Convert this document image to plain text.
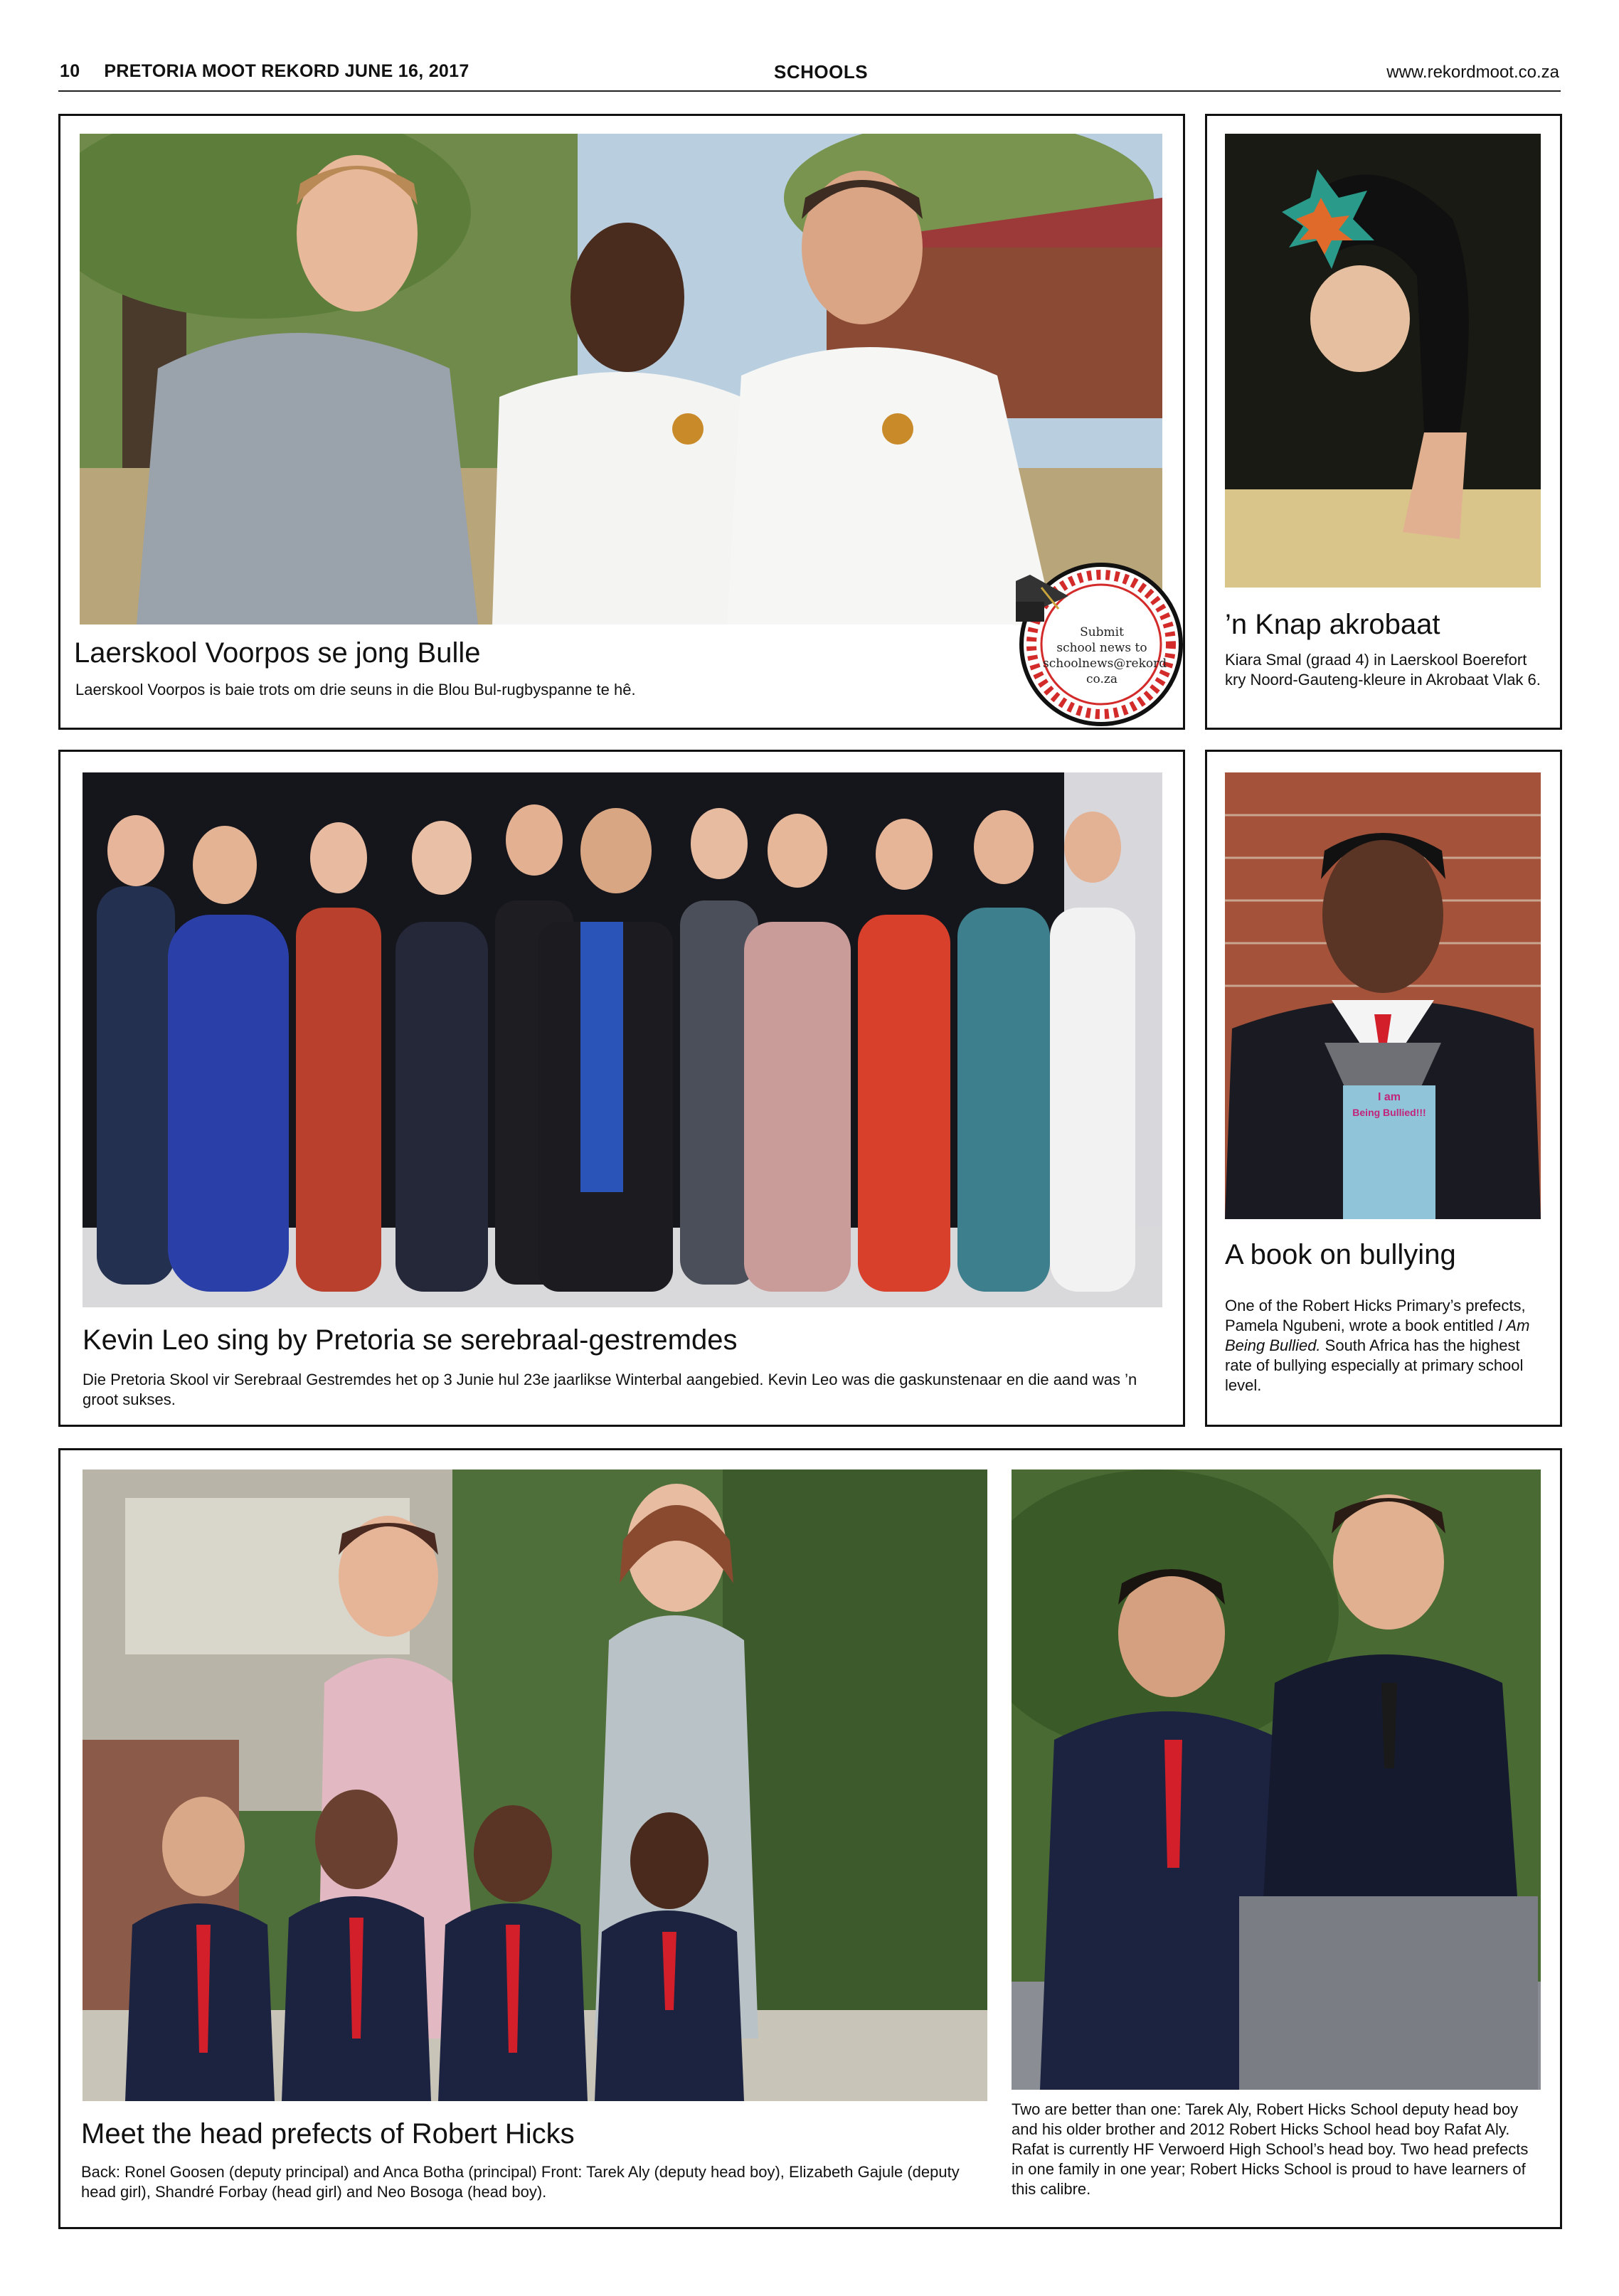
10 PRETORIA MOOT REKORD JUNE 16, 2017	SCHOOLS	www.rekordmoot.co.za
Laerskool Voorpos se jong Bulle
Laerskool Voorpos is baie trots om drie seuns in die Blou Bul-rugbyspanne te hê.
Submit
school news to
schoolnews@rekord
co.za
’n Knap akrobaat
Kiara Smal (graad 4) in Laerskool Boerefort kry Noord-Gauteng-kleure in Akrobaat Vlak 6.
Kevin Leo sing by Pretoria se serebraal-gestremdes
Die Pretoria Skool vir Serebraal Gestremdes het op 3 Junie hul 23e jaarlikse Winterbal aangebied. Kevin Leo was die gaskunstenaar en die aand was ’n groot sukses.
I am
Being Bullied!!!
A book on bullying
One of the Robert Hicks Primary’s prefects, Pamela Ngubeni, wrote a book entitled I Am Being Bullied. South Africa has the highest rate of bullying especially at primary school level.
Meet the head prefects of Robert Hicks
Back: Ronel Goosen (deputy principal) and Anca Botha (principal) Front: Tarek Aly (deputy head boy), Elizabeth Gajule (deputy head girl), Shandré Forbay (head girl) and Neo Bosoga (head boy).
Two are better than one: Tarek Aly, Robert Hicks School deputy head boy and his older brother and 2012 Robert Hicks School head boy Rafat Aly. Rafat is currently HF Verwoerd High School’s head boy. Two head prefects in one family in one year; Robert Hicks School is proud to have learners of this calibre.
